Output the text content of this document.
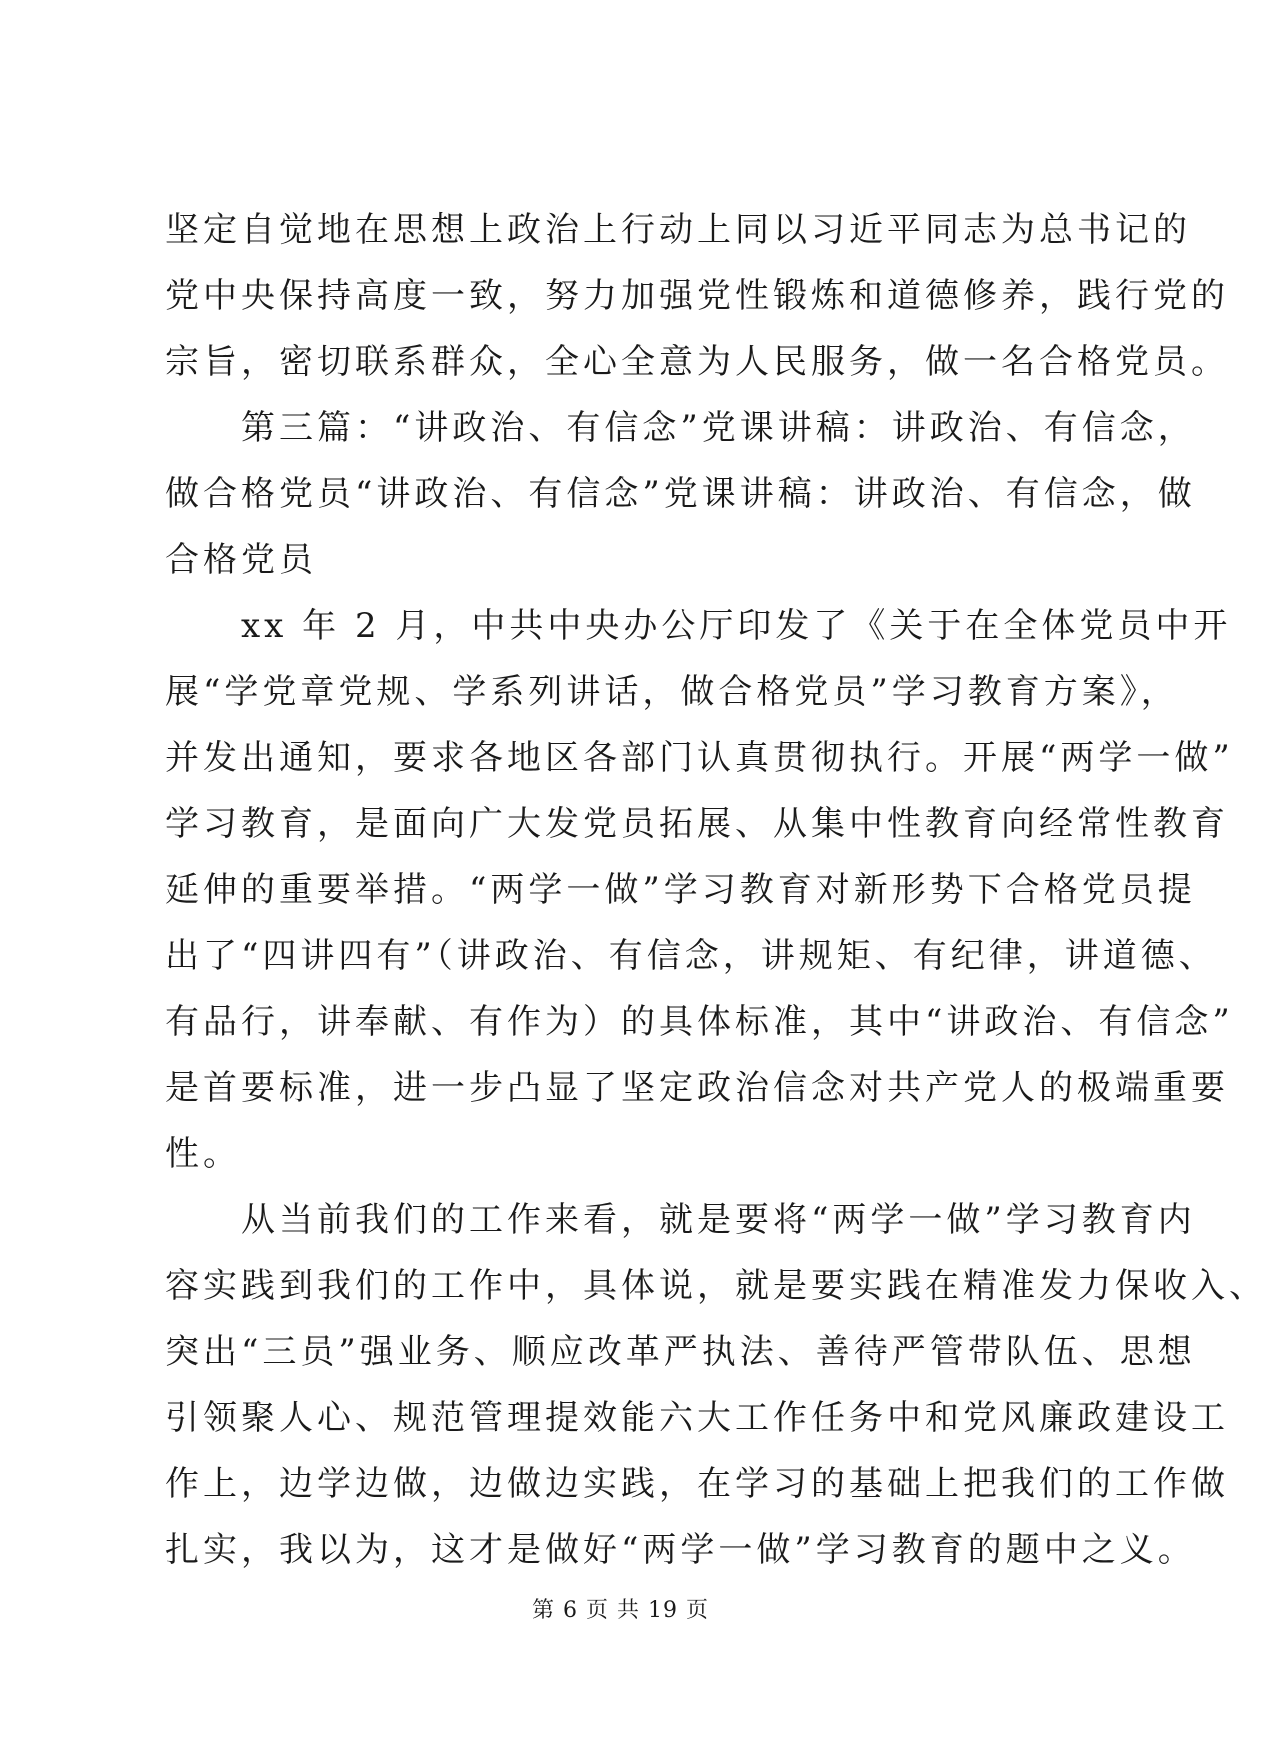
坚定自觉地在思想上政治上行动上同以习近平同志为总书记的
党中央保持高度一致，努力加强党性锻炼和道德修养，践行党的
宗旨，密切联系群众，全心全意为人民服务，做一名合格党员。
　　第三篇：“讲政治、有信念”党课讲稿：讲政治、有信念，
做合格党员“讲政治、有信念”党课讲稿：讲政治、有信念，做
合格党员
　　xx 年 2 月，中共中央办公厅印发了《关于在全体党员中开
展“学党章党规、学系列讲话，做合格党员”学习教育方案》，
并发出通知，要求各地区各部门认真贯彻执行。开展“两学一做”
学习教育，是面向广大发党员拓展、从集中性教育向经常性教育
延伸的重要举措。“两学一做”学习教育对新形势下合格党员提
出了“四讲四有”（讲政治、有信念，讲规矩、有纪律，讲道德、
有品行，讲奉献、有作为）的具体标准，其中“讲政治、有信念”
是首要标准，进一步凸显了坚定政治信念对共产党人的极端重要
性。
　　从当前我们的工作来看，就是要将“两学一做”学习教育内
容实践到我们的工作中，具体说，就是要实践在精准发力保收入、
突出“三员”强业务、顺应改革严执法、善待严管带队伍、思想
引领聚人心、规范管理提效能六大工作任务中和党风廉政建设工
作上，边学边做，边做边实践，在学习的基础上把我们的工作做
扎实，我以为，这才是做好“两学一做”学习教育的题中之义。
第 6 页 共 19 页
